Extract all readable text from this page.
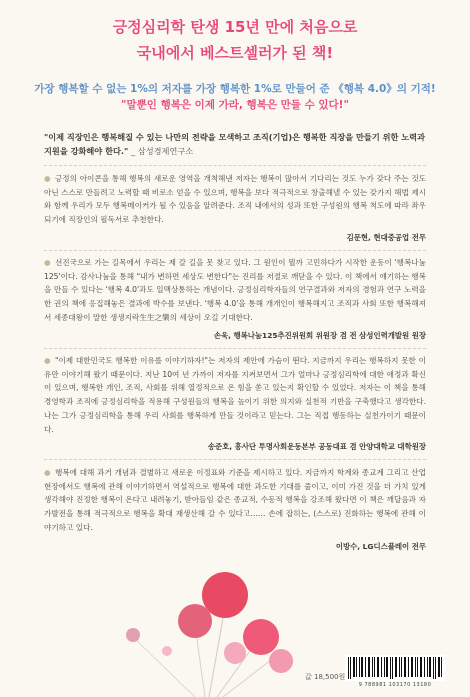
긍정심리학 탄생 15년 만에 처음으로
국내에서 베스트셀러가 된 책!
가장 행복할 수 없는 1%의 저자를 가장 행복한 1%로 만들어 준 《행복 4.0》의 기적!
"말뿐인 행복은 이제 가라, 행복은 만들 수 있다!"
"이제 직장인은 행복해질 수 있는 나만의 전략을 모색하고 조직(기업)은 행복한 직장을 만들기 위한 노력과 지원을 강화해야 한다." _ 삼성경제연구소
● 긍정의 아이콘을 통해 행복의 새로운 영역을 개척해낸 저자는 행복이 많아서 기다리는 것도 누가 갖다 주는 것도 아닌 스스로 만들려고 노력할 때 비로소 얻을 수 있으며, 행복을 보다 적극적으로 창출해낼 수 있는 갖가지 해법 제시와 함께 우리가 모두 행복메이커가 될 수 있음을 알려준다. 조직 내에서의 성과 또한 구성원의 행복 척도에 따라 좌우되기에 직장인의 필독서로 추천한다.
김문현, 현대중공업 전무
● 선진국으로 가는 길목에서 우리는 제 갈 길을 못 찾고 있다. 그 원인이 뭘까 고민하다가 시작한 운동이 '행복나눔125'이다. 감사나눔을 통해 "내가 변하면 세상도 변한다"는 진리를 저절로 깨닫을 수 있다. 이 책에서 얘기하는 행복을 만들 수 있다는 '행복 4.0'과도 일맥상통하는 개념이다. 긍정심리학자들의 연구결과와 저자의 경험과 연구 노력을 한 권의 책에 응집해놓은 결과에 박수를 보낸다. '행복 4.0'을 통해 개개인이 행복해지고 조직과 사회 또한 행복해져서 세종대왕이 말한 생생지락生生之樂의 세상이 오길 기대한다.
손욱, 행복나눔125추진위원회 위원장 겸 전 삼성인력개발원 원장
● "이제 대한민국도 행복한 이유를 이야기하자!"는 저자의 제안에 가슴이 뛴다. 지금까지 우리는 행복하지 못한 이유만 이야기해 왔기 때문이다. 지난 10여 년 가까이 저자를 지켜보면서 그가 얼마나 긍정심리학에 대한 애정과 확신이 있으며, 행복한 개인, 조직, 사회를 위해 열정적으로 온 힘을 쏟고 있는지 확인할 수 있었다. 저자는 이 책을 통해 경영학과 조직에 긍정심리학을 적용해 구성원들의 행복을 높이기 위한 의지와 실천적 기반을 구축했다고 생각한다. 나는 그가 긍정심리학을 통해 우리 사회를 행복하게 만들 것이라고 믿는다. 그는 직접 행동하는 실천가이기 때문이다.
송준호, 흥사단 투명사회운동본부 공동대표 겸 안양대학교 대학원장
● 행복에 대해 과거 개념과 결별하고 새로운 이정표와 기준을 제시하고 있다. 지금까지 학계와 종교계 그리고 산업현장에서도 행복에 관해 이야기하면서 역설적으로 행복에 대한 과도한 기대를 줄이고, 이미 가진 것을 더 가치 있게 생각해야 진정한 행복이 온다고 내려놓기, 받아들임 같은 종교적, 수동적 행복을 강조해 왔다면 이 책은 깨달음과 자가발전을 통해 적극적으로 행복을 확대 재생산해 갈 수 있다고…… 손에 잡히는, (스스로) 진화하는 행복에 관해 이야기하고 있다.
이방수, LG디스플레이 전무
값 18,500원
9 788981 103170 13180
